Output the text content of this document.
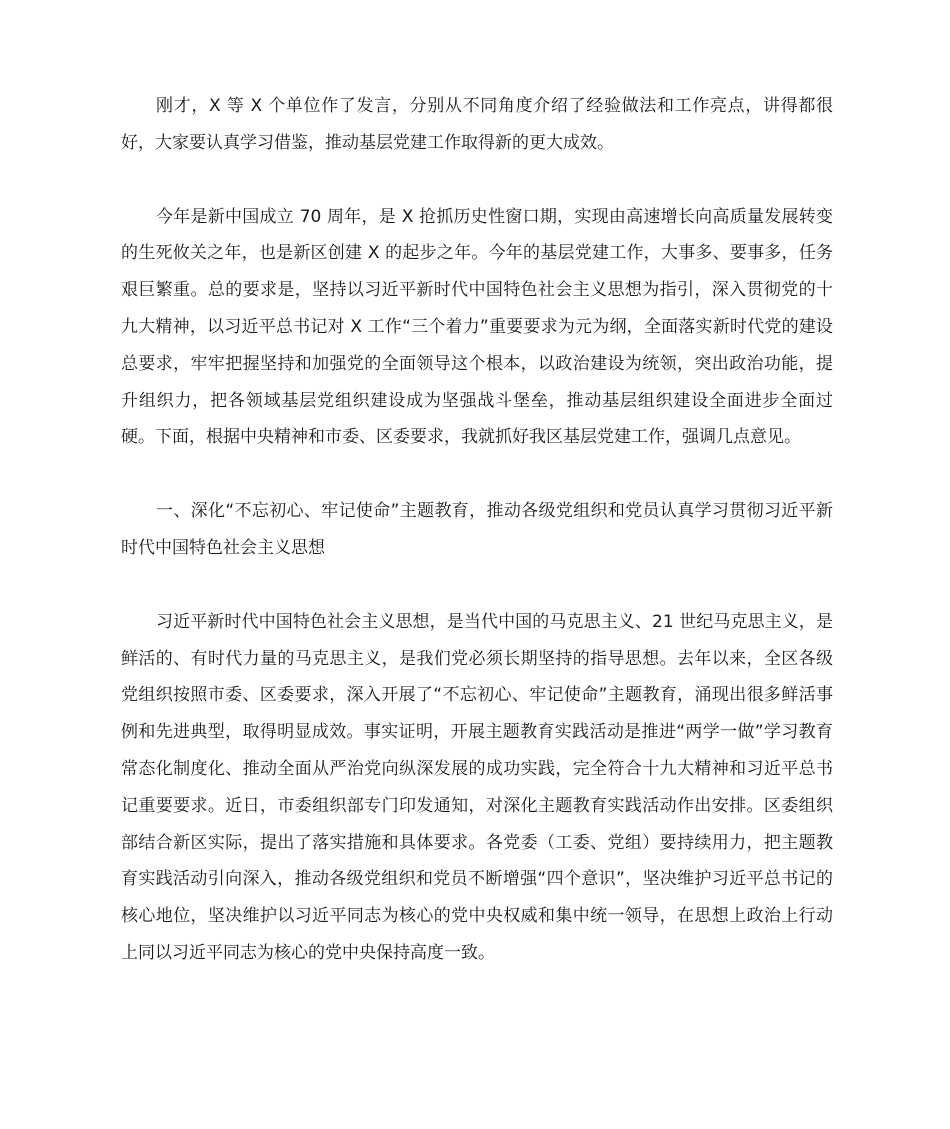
刚才，X 等 X 个单位作了发言，分别从不同角度介绍了经验做法和工作亮点，讲得都很好，大家要认真学习借鉴，推动基层党建工作取得新的更大成效。

今年是新中国成立 70 周年，是 X 抢抓历史性窗口期，实现由高速增长向高质量发展转变的生死攸关之年，也是新区创建 X 的起步之年。今年的基层党建工作，大事多、要事多，任务艰巨繁重。总的要求是，坚持以习近平新时代中国特色社会主义思想为指引，深入贯彻党的十九大精神，以习近平总书记对 X 工作“三个着力”重要要求为元为纲，全面落实新时代党的建设总要求，牢牢把握坚持和加强党的全面领导这个根本，以政治建设为统领，突出政治功能，提升组织力，把各领域基层党组织建设成为坚强战斗堡垒，推动基层组织建设全面进步全面过硬。下面，根据中央精神和市委、区委要求，我就抓好我区基层党建工作，强调几点意见。

一、深化“不忘初心、牢记使命”主题教育，推动各级党组织和党员认真学习贯彻习近平新时代中国特色社会主义思想

习近平新时代中国特色社会主义思想，是当代中国的马克思主义、21 世纪马克思主义，是鲜活的、有时代力量的马克思主义，是我们党必须长期坚持的指导思想。去年以来，全区各级党组织按照市委、区委要求，深入开展了“不忘初心、牢记使命”主题教育，涌现出很多鲜活事例和先进典型，取得明显成效。事实证明，开展主题教育实践活动是推进“两学一做”学习教育常态化制度化、推动全面从严治党向纵深发展的成功实践，完全符合十九大精神和习近平总书记重要要求。近日，市委组织部专门印发通知，对深化主题教育实践活动作出安排。区委组织部结合新区实际，提出了落实措施和具体要求。各党委（工委、党组）要持续用力，把主题教育实践活动引向深入，推动各级党组织和党员不断增强“四个意识”，坚决维护习近平总书记的核心地位，坚决维护以习近平同志为核心的党中央权威和集中统一领导，在思想上政治上行动上同以习近平同志为核心的党中央保持高度一致。
